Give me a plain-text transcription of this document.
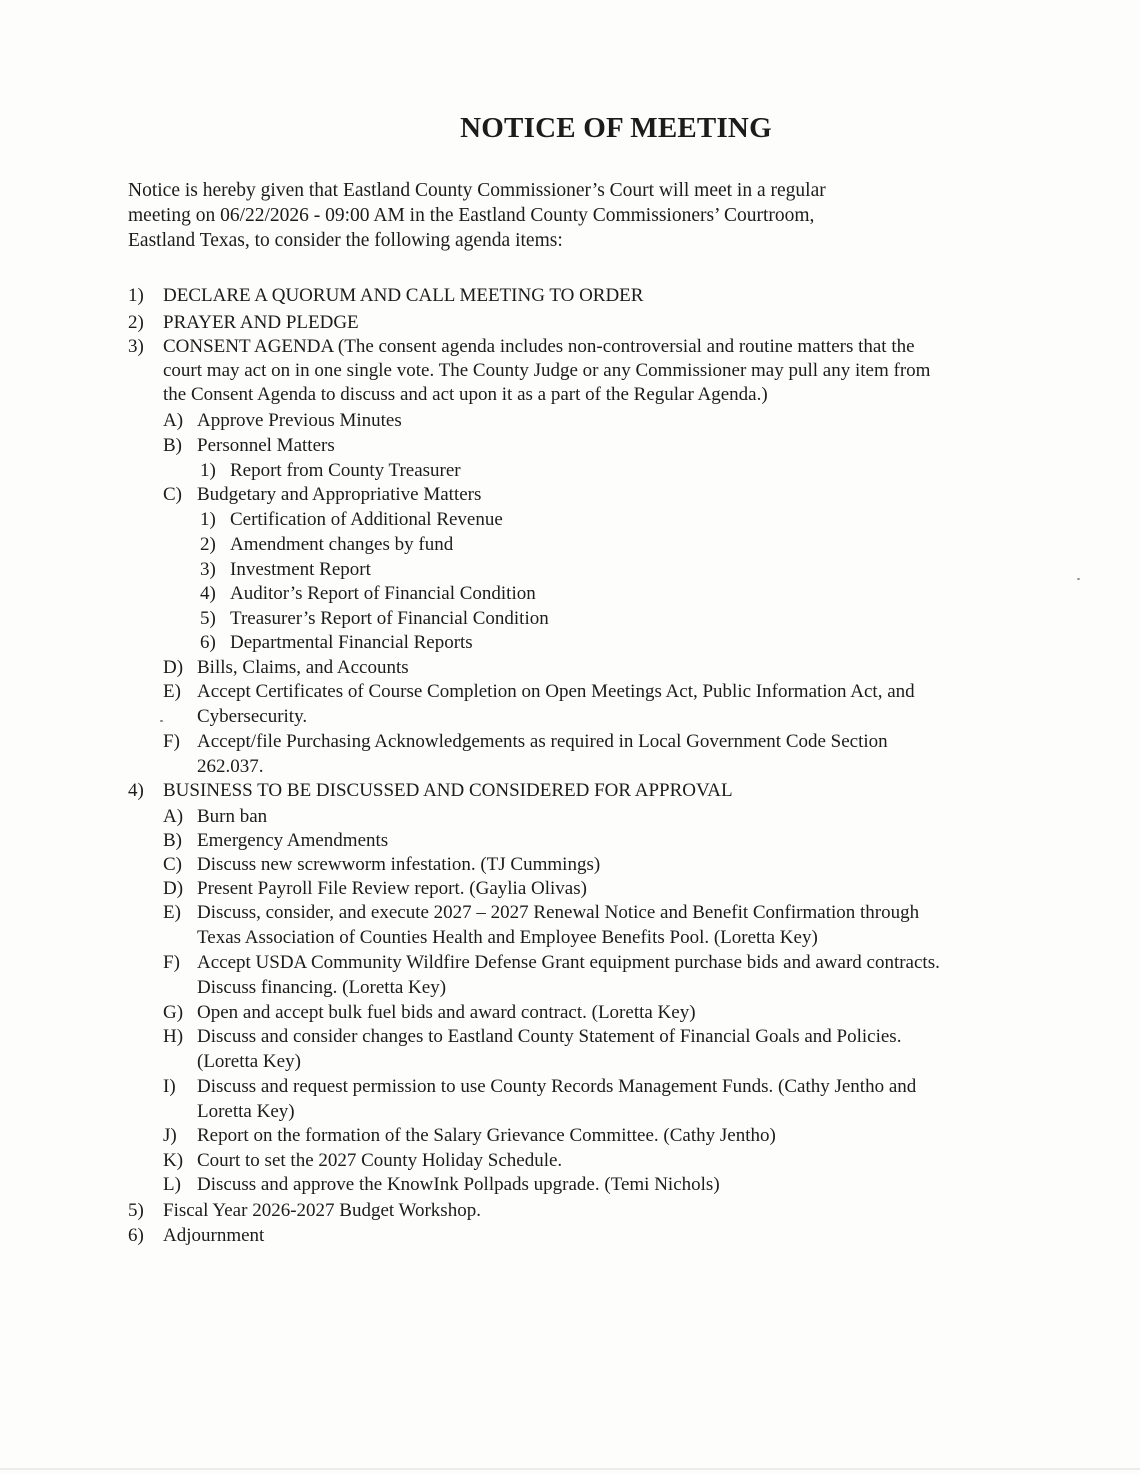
NOTICE OF MEETING
Notice is hereby given that Eastland County Commissioner’s Court will meet in a regular
meeting on 06/22/2026 - 09:00 AM in the Eastland County Commissioners’ Courtroom,
Eastland Texas, to consider the following agenda items:
1) DECLARE A QUORUM AND CALL MEETING TO ORDER
2) PRAYER AND PLEDGE
3) CONSENT AGENDA (The consent agenda includes non-controversial and routine matters that the
court may act on in one single vote. The County Judge or any Commissioner may pull any item from
the Consent Agenda to discuss and act upon it as a part of the Regular Agenda.)
A) Approve Previous Minutes
B) Personnel Matters
1) Report from County Treasurer
C) Budgetary and Appropriative Matters
1) Certification of Additional Revenue
2) Amendment changes by fund
3) Investment Report
4) Auditor’s Report of Financial Condition
5) Treasurer’s Report of Financial Condition
6) Departmental Financial Reports
D) Bills, Claims, and Accounts
E) Accept Certificates of Course Completion on Open Meetings Act, Public Information Act, and
Cybersecurity.
F) Accept/file Purchasing Acknowledgements as required in Local Government Code Section
262.037.
4) BUSINESS TO BE DISCUSSED AND CONSIDERED FOR APPROVAL
A) Burn ban
B) Emergency Amendments
C) Discuss new screwworm infestation. (TJ Cummings)
D) Present Payroll File Review report. (Gaylia Olivas)
E) Discuss, consider, and execute 2027 – 2027 Renewal Notice and Benefit Confirmation through
Texas Association of Counties Health and Employee Benefits Pool. (Loretta Key)
F) Accept USDA Community Wildfire Defense Grant equipment purchase bids and award contracts.
Discuss financing. (Loretta Key)
G) Open and accept bulk fuel bids and award contract. (Loretta Key)
H) Discuss and consider changes to Eastland County Statement of Financial Goals and Policies.
(Loretta Key)
I) Discuss and request permission to use County Records Management Funds. (Cathy Jentho and
Loretta Key)
J) Report on the formation of the Salary Grievance Committee. (Cathy Jentho)
K) Court to set the 2027 County Holiday Schedule.
L) Discuss and approve the KnowInk Pollpads upgrade. (Temi Nichols)
5) Fiscal Year 2026-2027 Budget Workshop.
6) Adjournment
